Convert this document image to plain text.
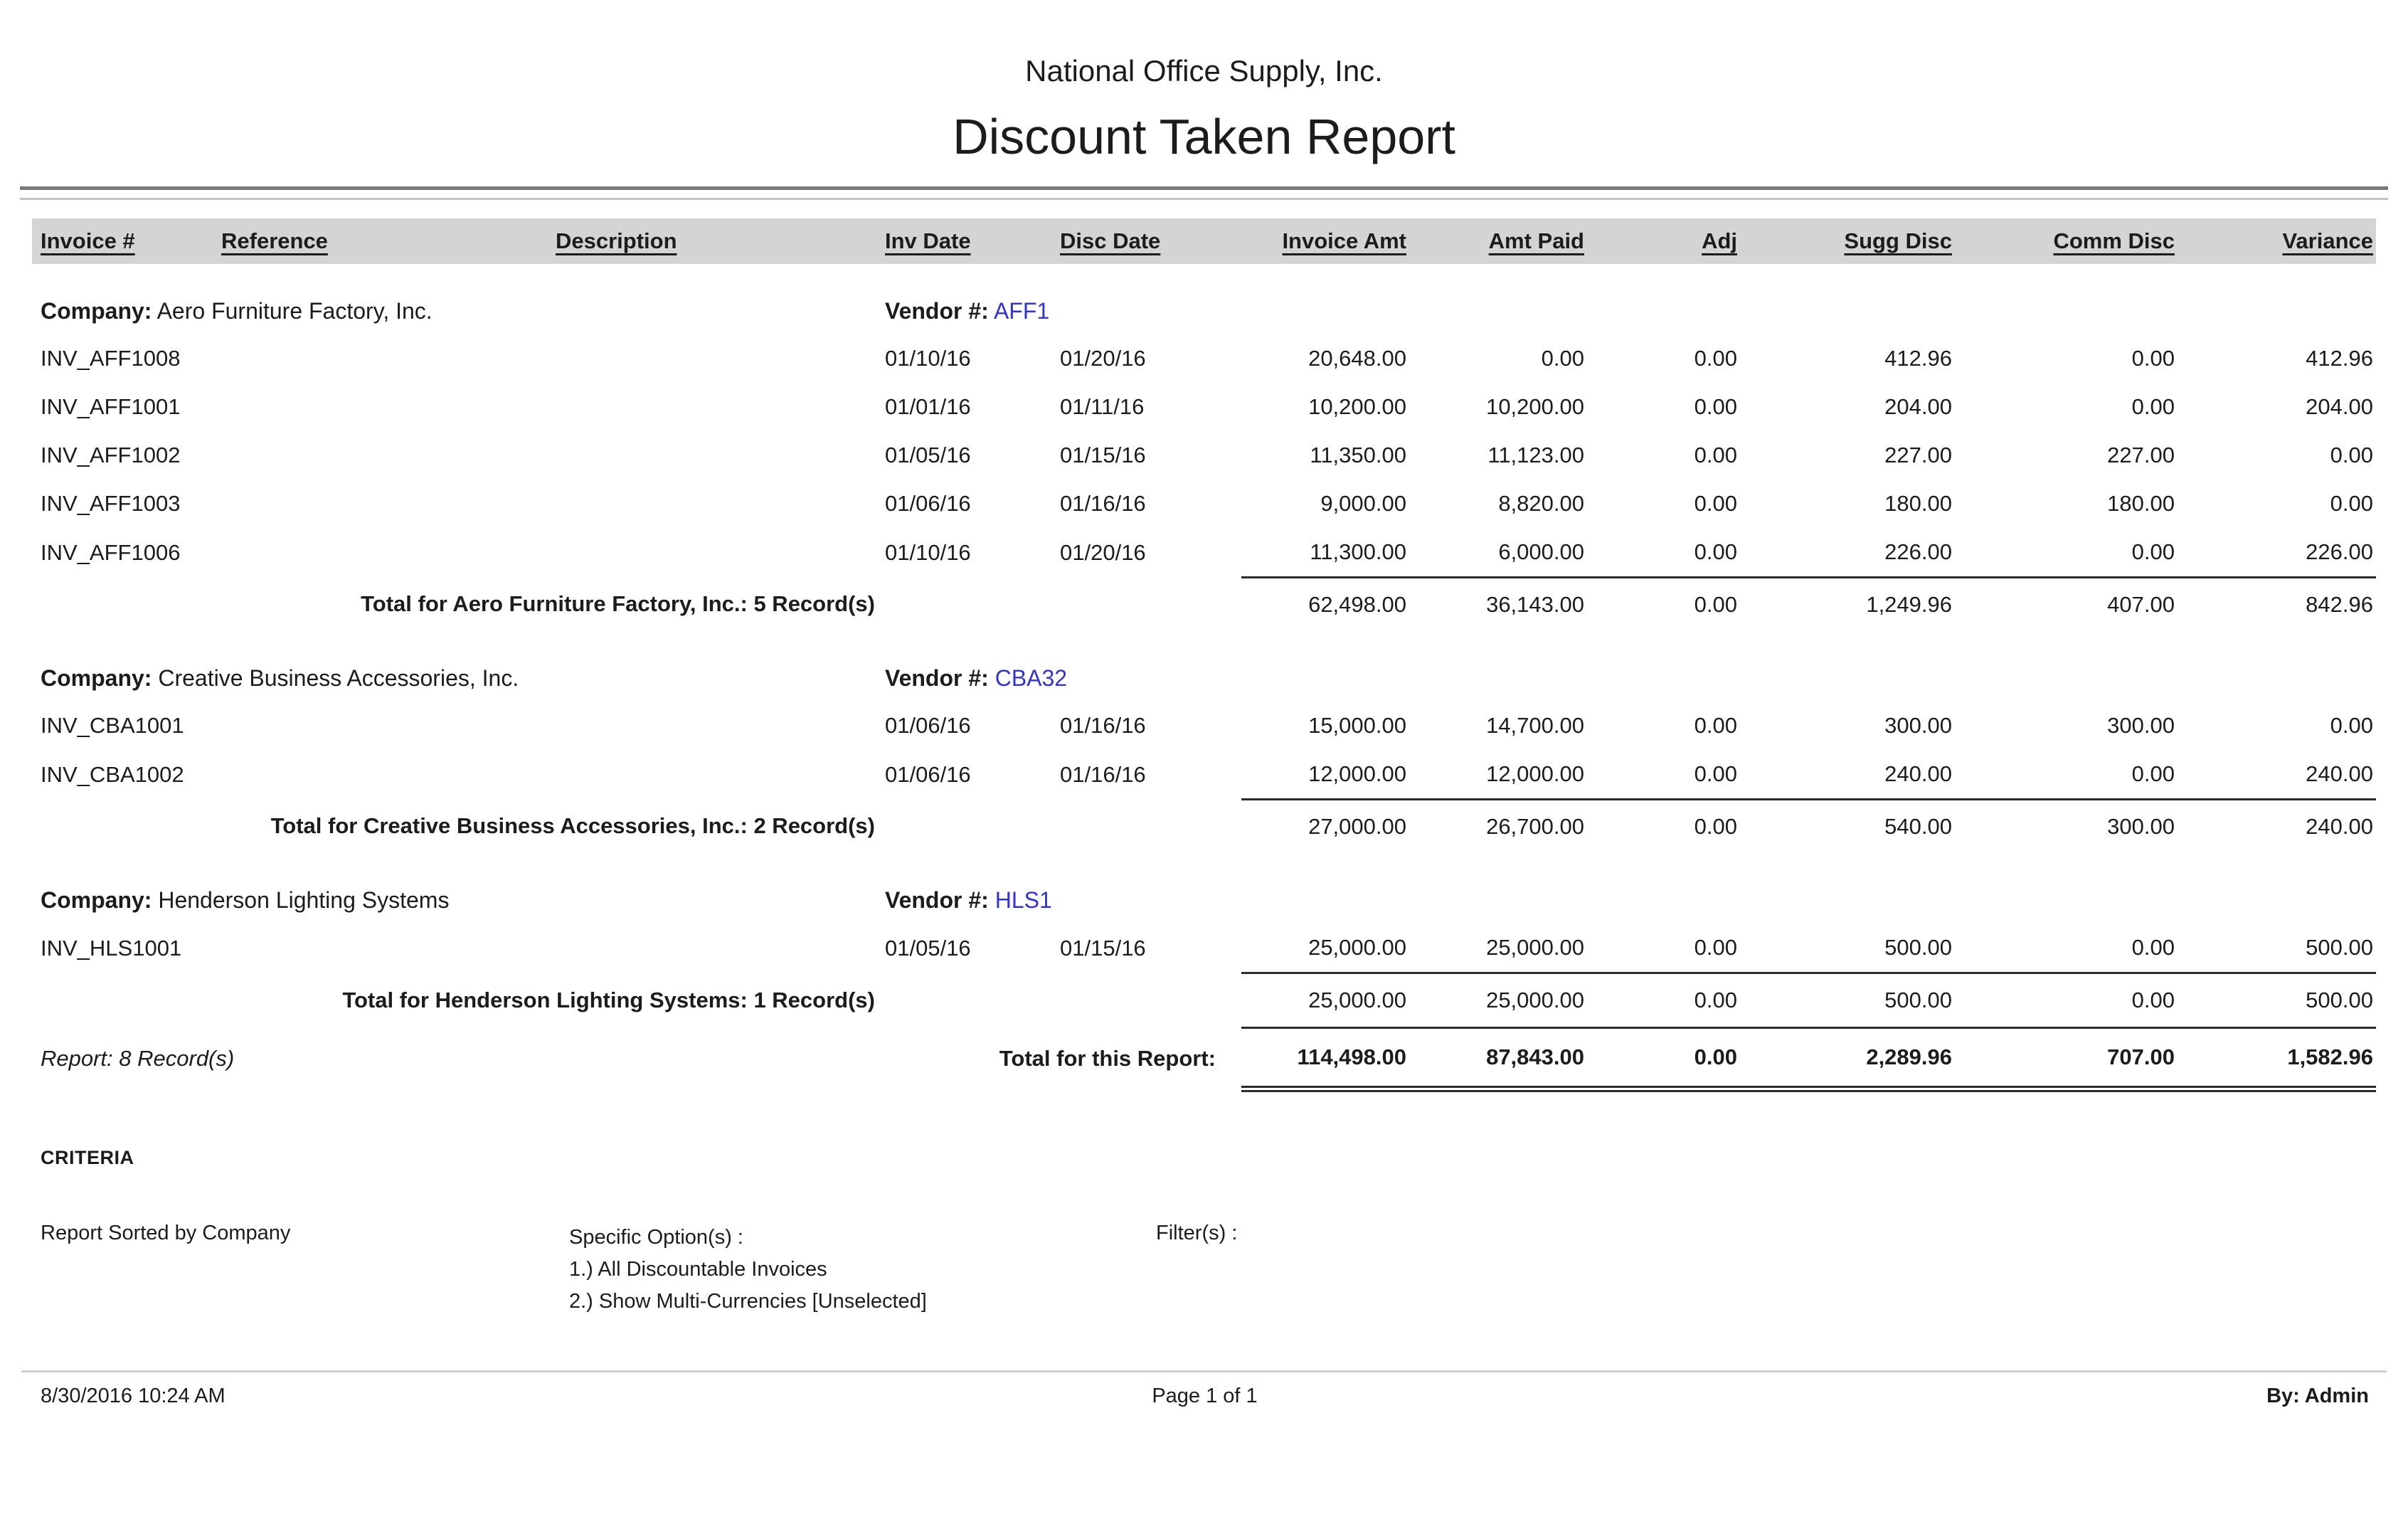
National Office Supply, Inc.
Discount Taken Report
Invoice #	Reference	Description	Inv Date	Disc Date	Invoice Amt	Amt Paid	Adj	Sugg Disc	Comm Disc	Variance
Company: Aero Furniture Factory, Inc.			Vendor #: AFF1							
INV_AFF1008			01/10/16	01/20/16	20,648.00	0.00	0.00	412.96	0.00	412.96
INV_AFF1001			01/01/16	01/11/16	10,200.00	10,200.00	0.00	204.00	0.00	204.00
INV_AFF1002			01/05/16	01/15/16	11,350.00	11,123.00	0.00	227.00	227.00	0.00
INV_AFF1003			01/06/16	01/16/16	9,000.00	8,820.00	0.00	180.00	180.00	0.00
INV_AFF1006			01/10/16	01/20/16	11,300.00	6,000.00	0.00	226.00	0.00	226.00
Total for Aero Furniture Factory, Inc.: 5 Record(s)					62,498.00	36,143.00	0.00	1,249.96	407.00	842.96
Company: Creative Business Accessories, Inc.			Vendor #: CBA32							
INV_CBA1001			01/06/16	01/16/16	15,000.00	14,700.00	0.00	300.00	300.00	0.00
INV_CBA1002			01/06/16	01/16/16	12,000.00	12,000.00	0.00	240.00	0.00	240.00
Total for Creative Business Accessories, Inc.: 2 Record(s)					27,000.00	26,700.00	0.00	540.00	300.00	240.00
Company: Henderson Lighting Systems			Vendor #: HLS1							
INV_HLS1001			01/05/16	01/15/16	25,000.00	25,000.00	0.00	500.00	0.00	500.00
Total for Henderson Lighting Systems: 1 Record(s)					25,000.00	25,000.00	0.00	500.00	0.00	500.00
Report: 8 Record(s)		Total for this Report:			114,498.00	87,843.00	0.00	2,289.96	707.00	1,582.96
CRITERIA
Report Sorted by Company	Specific Option(s) :
1.) All Discountable Invoices
2.) Show Multi-Currencies [Unselected]
Filter(s) :
8/30/2016 10:24 AM	Page 1 of 1	By: Admin
